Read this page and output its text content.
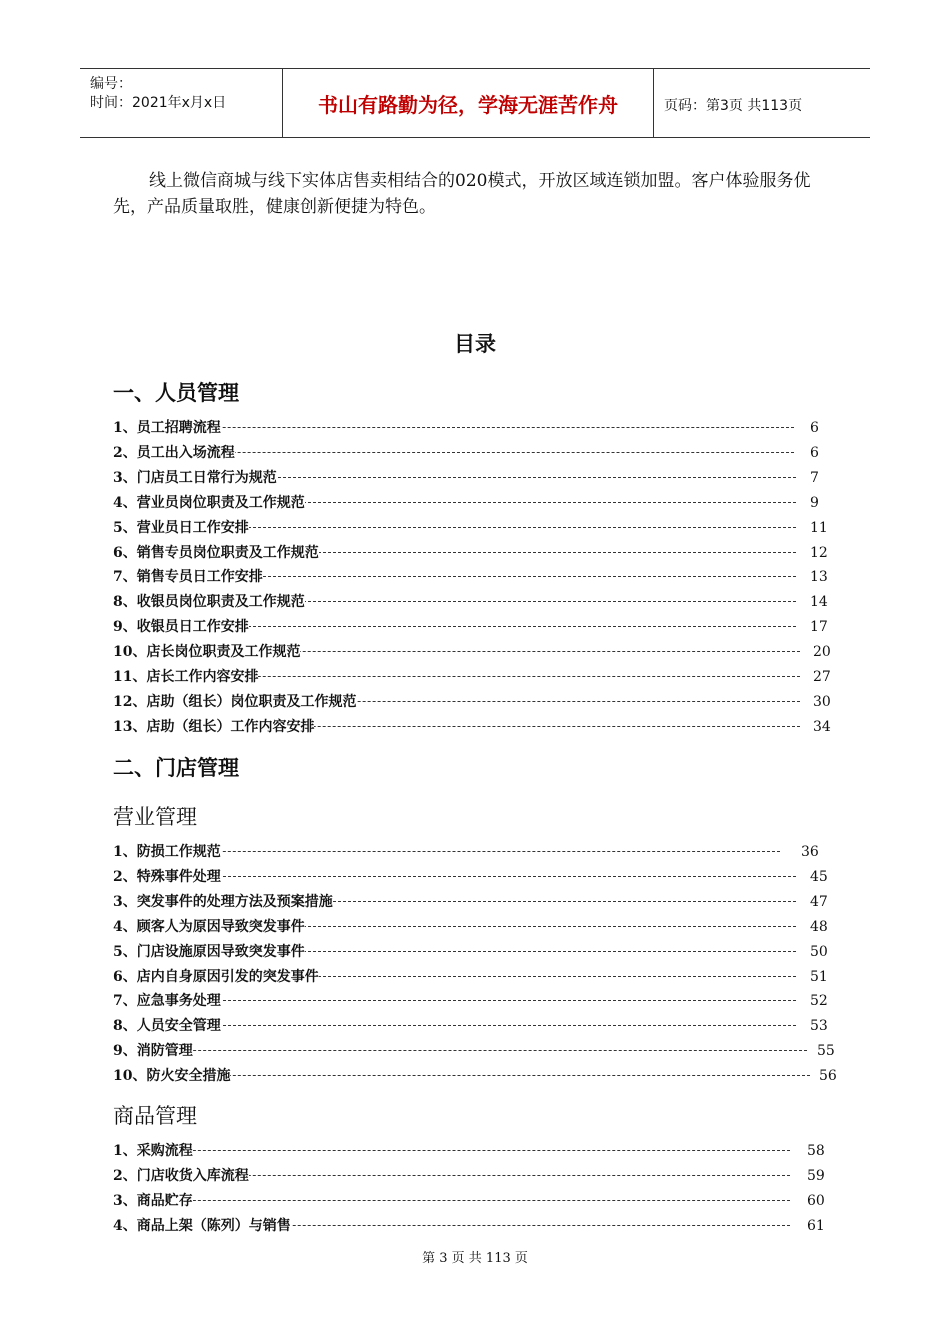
编号：
时间：2021年x月x日	书山有路勤为径，学海无涯苦作舟	页码：第3页 共113页
线上微信商城与线下实体店售卖相结合的020模式，开放区域连锁加盟。客户体验服务优先，产品质量取胜，健康创新便捷为特色。
目录
一、人员管理
1、员工招聘流程	6
2、员工出入场流程	6
3、门店员工日常行为规范	7
4、营业员岗位职责及工作规范	9
5、营业员日工作安排	11
6、销售专员岗位职责及工作规范	12
7、销售专员日工作安排	13
8、收银员岗位职责及工作规范	14
9、收银员日工作安排	17
10、店长岗位职责及工作规范	20
11、店长工作内容安排	27
12、店助（组长）岗位职责及工作规范	30
13、店助（组长）工作内容安排	34
二、门店管理
营业管理
1、防损工作规范	36
2、特殊事件处理	45
3、突发事件的处理方法及预案措施	47
4、顾客人为原因导致突发事件	48
5、门店设施原因导致突发事件	50
6、店内自身原因引发的突发事件	51
7、应急事务处理	52
8、人员安全管理	53
9、消防管理	55
10、防火安全措施	56
商品管理
1、采购流程	58
2、门店收货入库流程	59
3、商品贮存	60
4、商品上架（陈列）与销售	61
第 3 页 共 113 页
